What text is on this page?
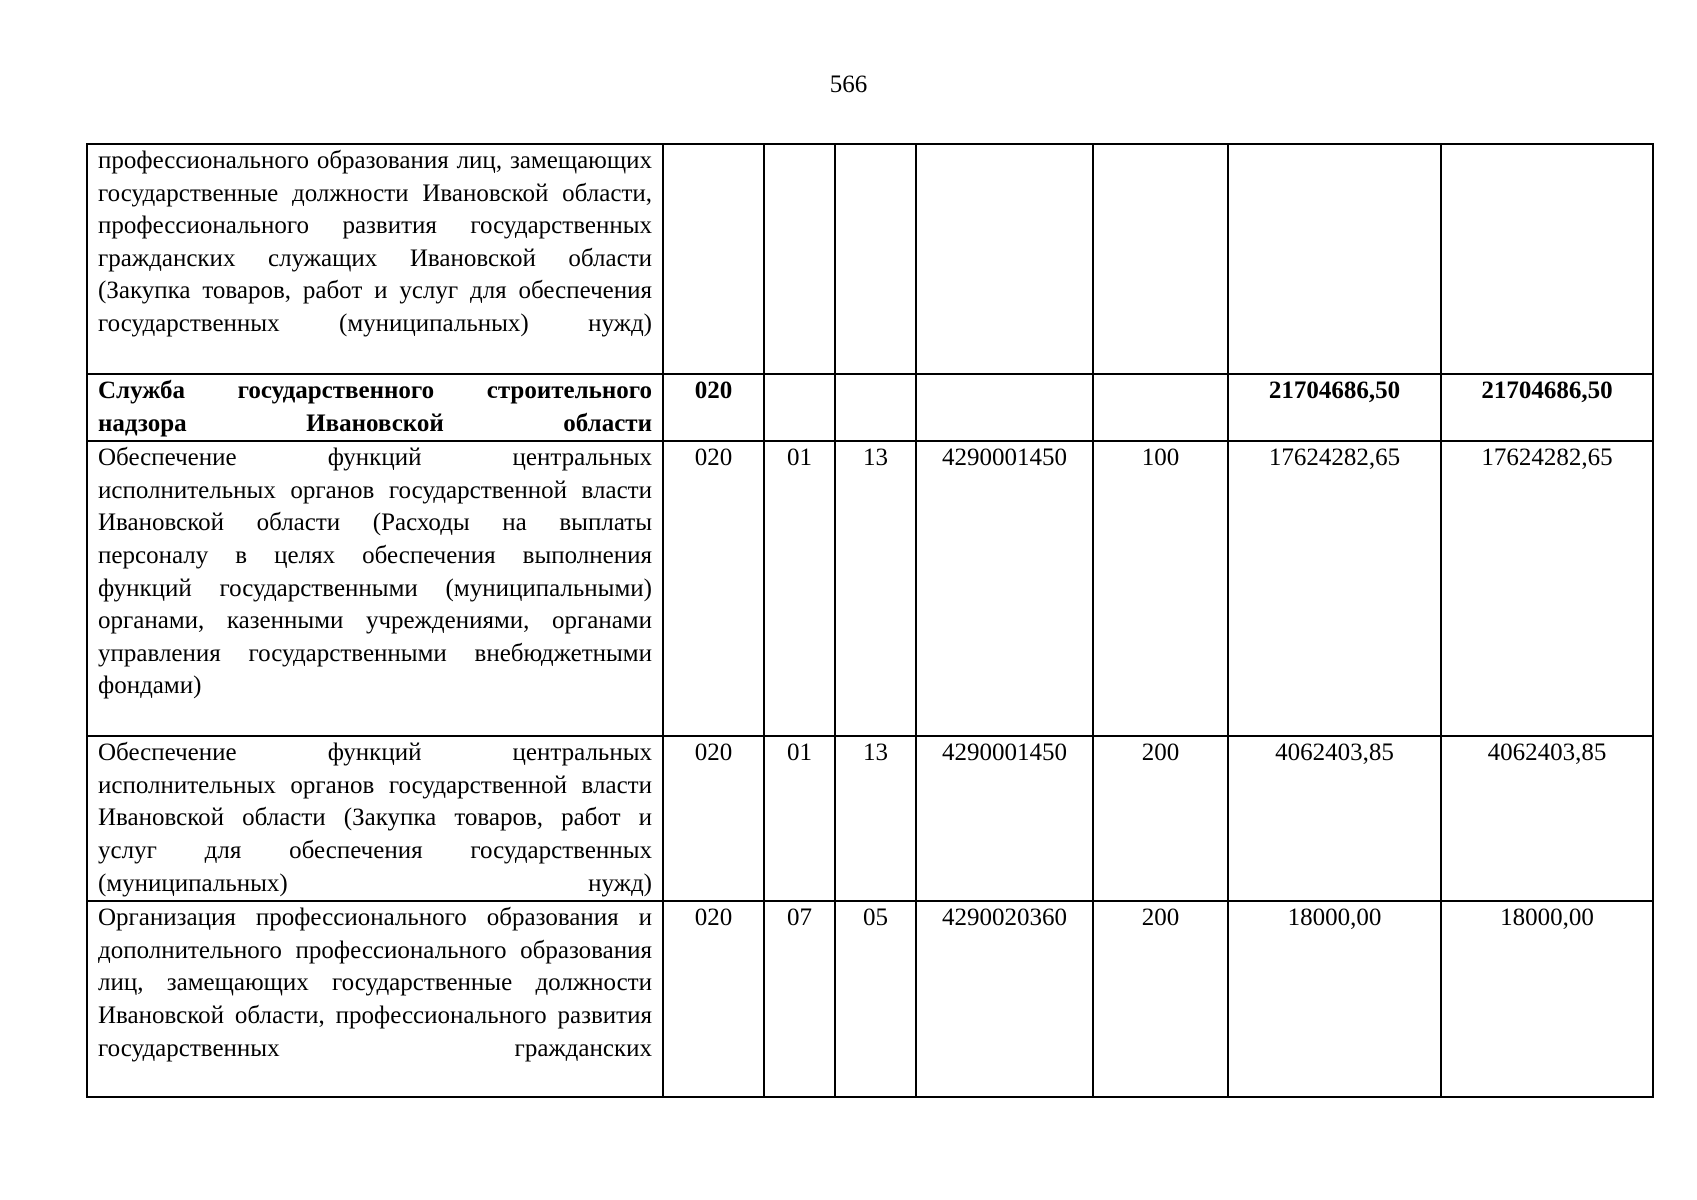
566
профессионального образования лиц, замещающих государственные должности Ивановской области, профессионального развития государственных гражданских служащих Ивановской области (Закупка товаров, работ и услуг для обеспечения государственных (муниципальных) нужд)							
Служба государственного строительного надзора Ивановской области	020					21704686,50	21704686,50
Обеспечение функций центральных исполнительных органов государственной власти Ивановской области (Расходы на выплаты персоналу в целях обеспечения выполнения функций государственными (муниципальными) органами, казенными учреждениями, органами управления государственными внебюджетными фондами)	020	01	13	4290001450	100	17624282,65	17624282,65
Обеспечение функций центральных исполнительных органов государственной власти Ивановской области (Закупка товаров, работ и услуг для обеспечения государственных (муниципальных) нужд)	020	01	13	4290001450	200	4062403,85	4062403,85
Организация профессионального образования и дополнительного профессионального образования лиц, замещающих государственные должности Ивановской области, профессионального развития государственных гражданских	020	07	05	4290020360	200	18000,00	18000,00
